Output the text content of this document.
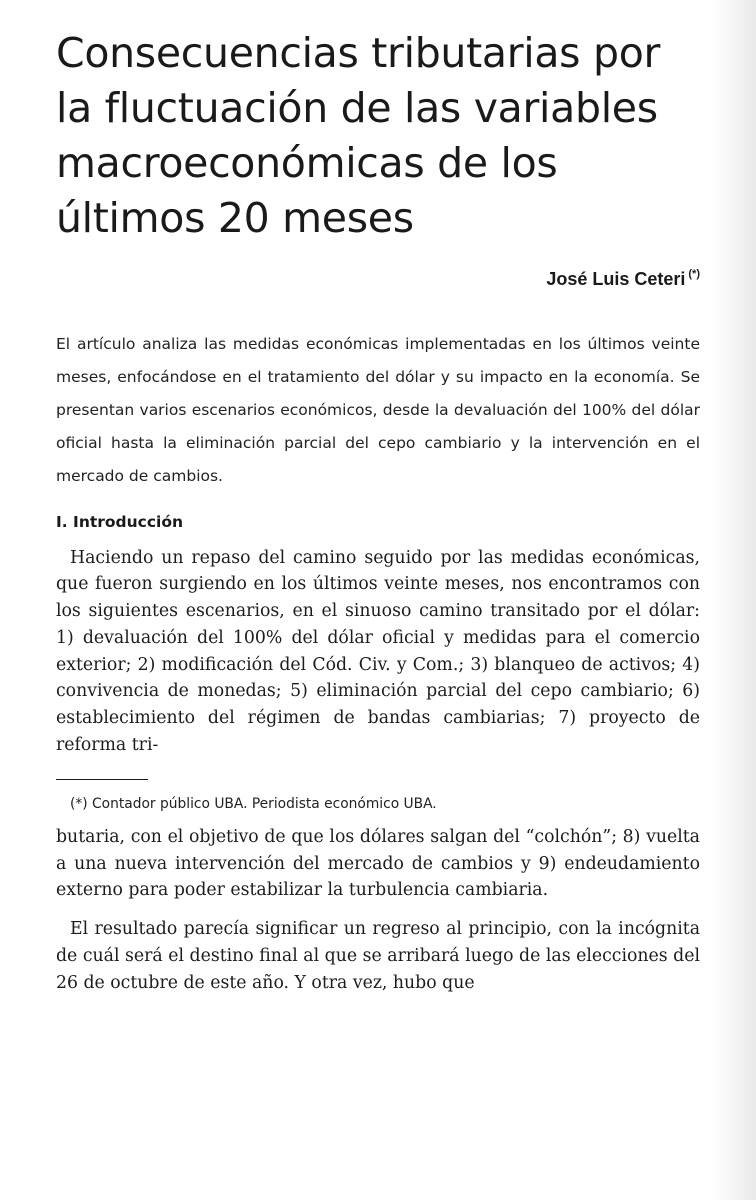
Consecuencias tributarias por la fluctuación de las variables macroeconómicas de los últimos 20 meses
José Luis Ceteri (*)

El artículo analiza las medidas económicas implementadas en los últimos veinte meses, enfocándose en el tratamiento del dólar y su impacto en la economía. Se presentan varios escenarios económicos, desde la devaluación del 100% del dólar oficial hasta la eliminación parcial del cepo cambiario y la intervención en el mercado de cambios.

I. Introducción

Haciendo un repaso del camino seguido por las medidas económicas, que fueron surgiendo en los últimos veinte meses, nos encontramos con los siguientes escenarios, en el sinuoso camino transitado por el dólar: 1) devaluación del 100% del dólar oficial y medidas para el comercio exterior; 2) modificación del Cód. Civ. y Com.; 3) blanqueo de activos; 4) convivencia de monedas; 5) eliminación parcial del cepo cambiario; 6) establecimiento del régimen de bandas cambiarias; 7) proyecto de reforma tri-

(*) Contador público UBA. Periodista económico UBA.

butaria, con el objetivo de que los dólares salgan del “colchón”; 8) vuelta a una nueva intervención del mercado de cambios y 9) endeudamiento externo para poder estabilizar la turbulencia cambiaria.

El resultado parecía significar un regreso al principio, con la incógnita de cuál será el destino final al que se arribará luego de las elecciones del 26 de octubre de este año. Y otra vez, hubo que
